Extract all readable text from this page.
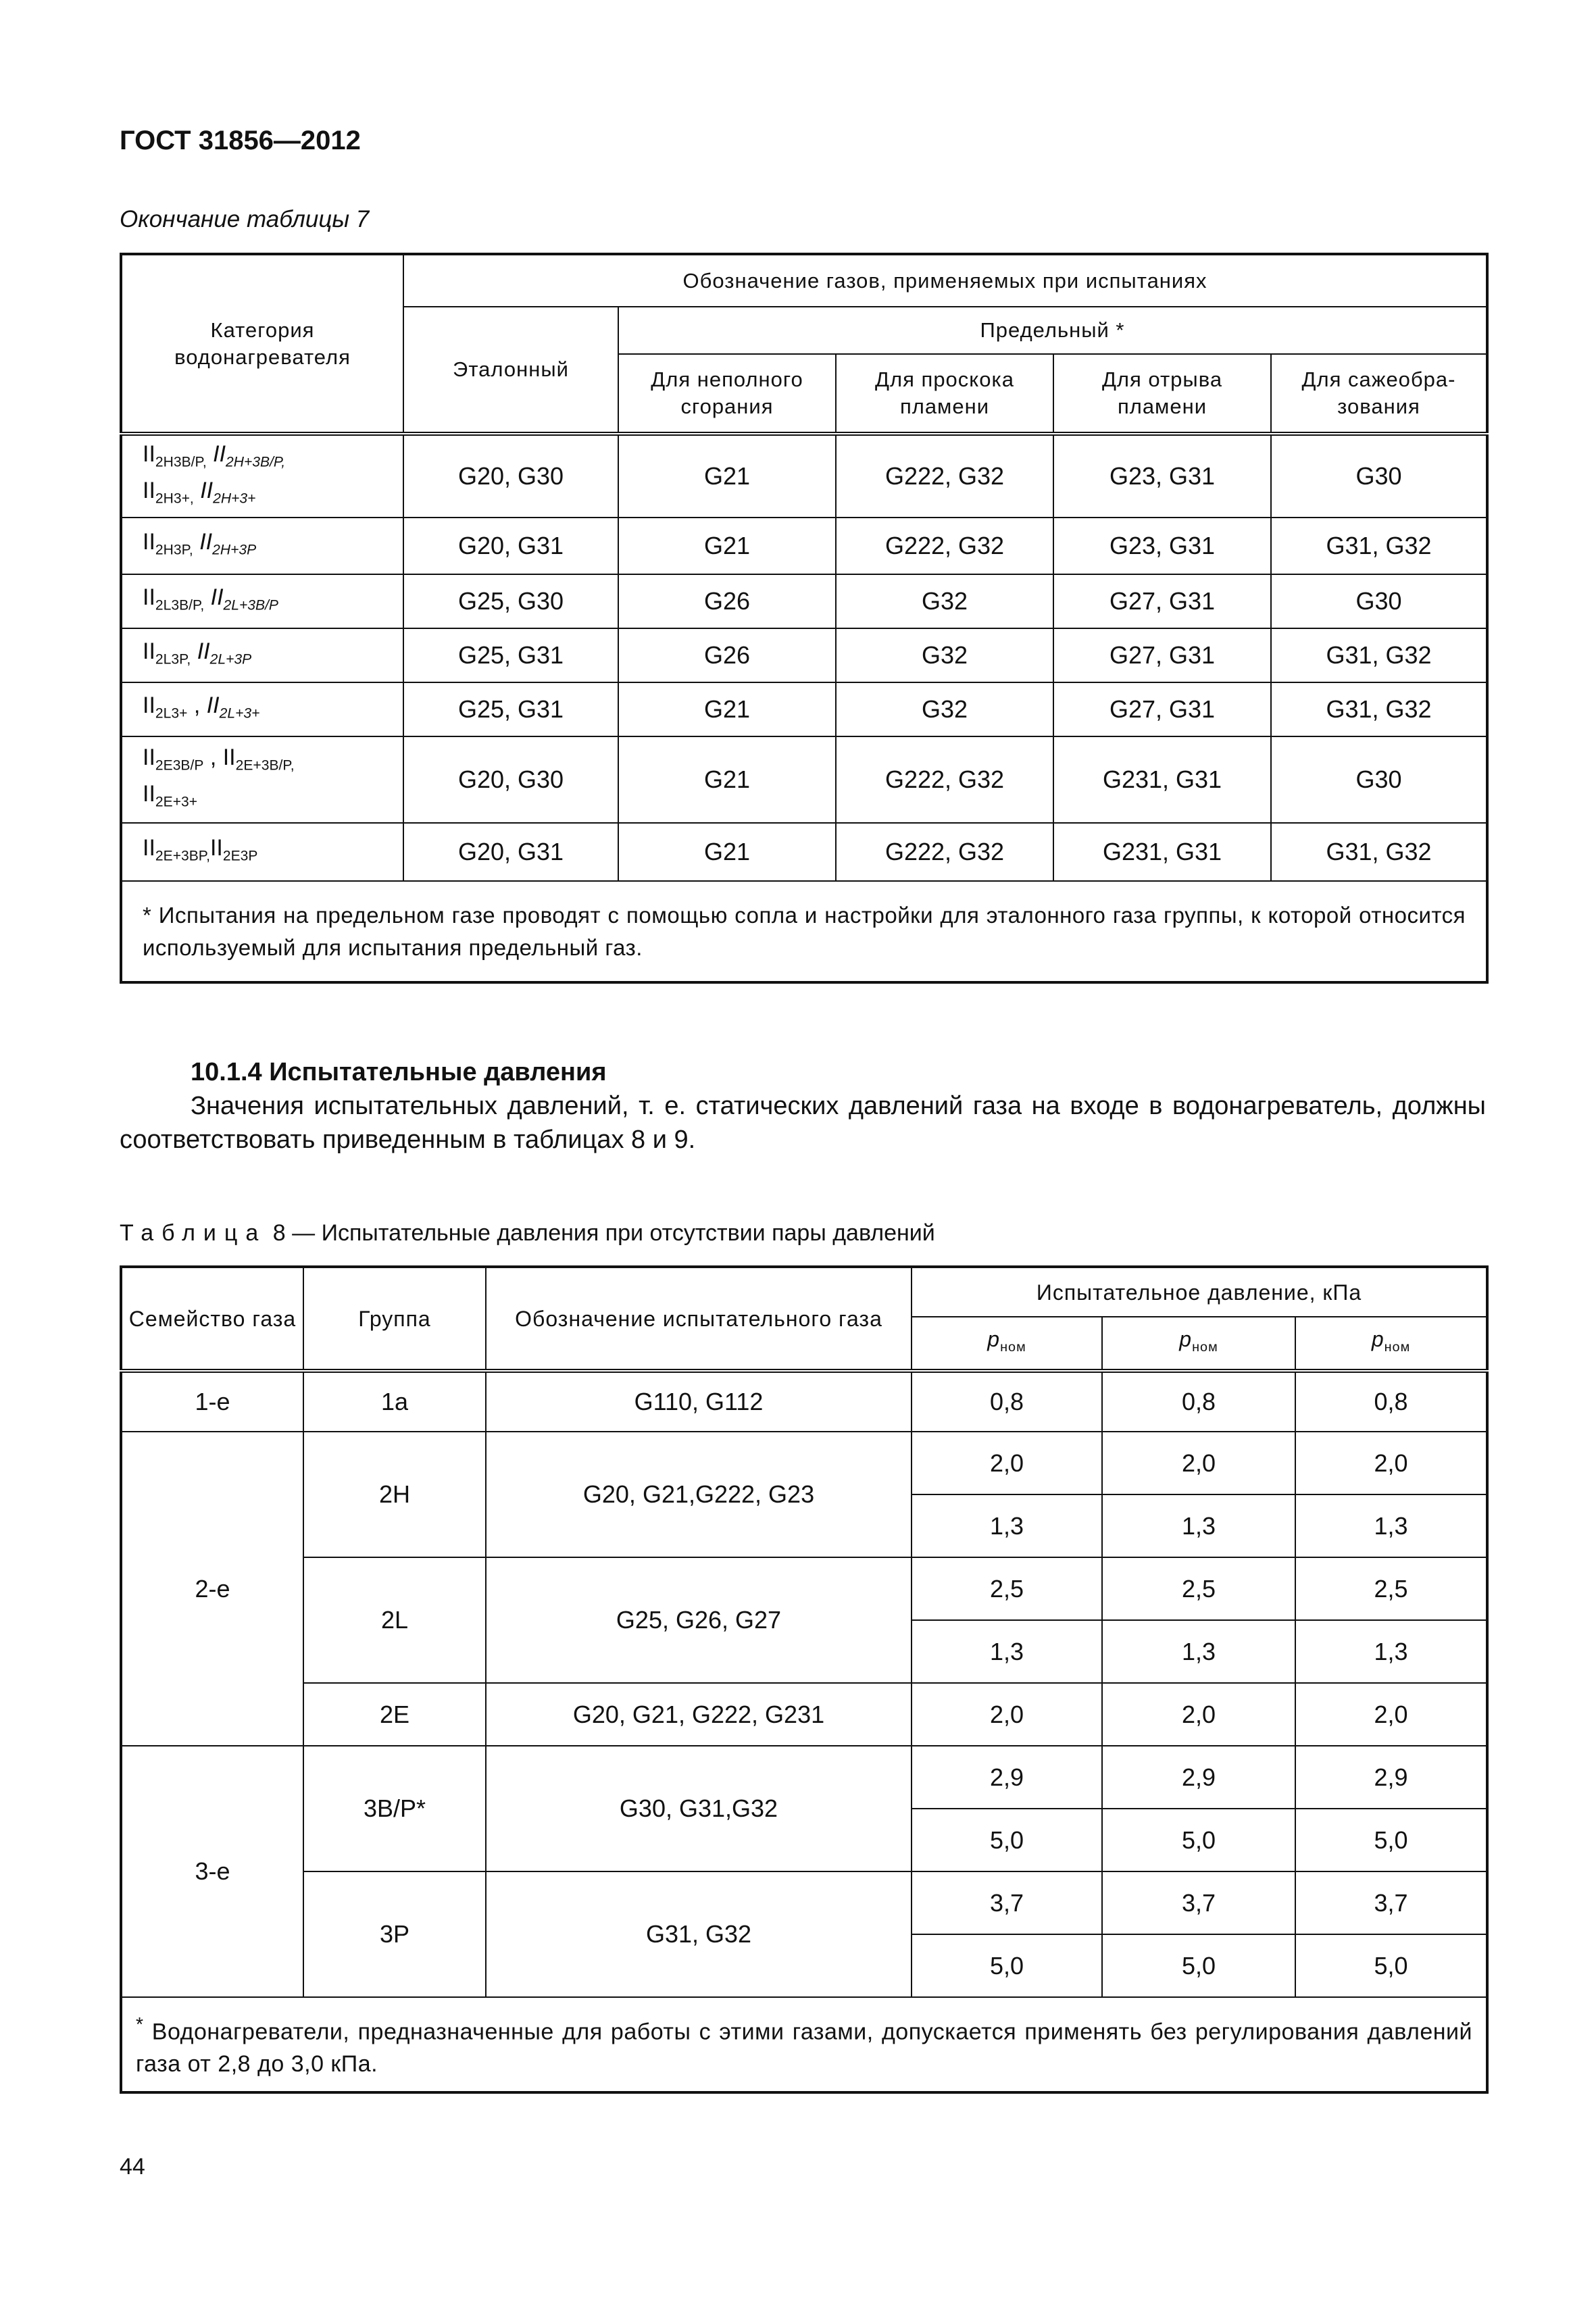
ГОСТ 31856—2012
Окончание таблицы 7
Категория водонагревателя	Обозначение газов, применяемых при испытаниях				
	Эталонный	Предельный *			
		Для неполного сгорания	Для проскока пламени	Для отрыва пламени	Для сажеобра-зования
$II_{2H3B/P,}$ $II_{2H+3B/P,}$
$II_{2H3+,}$ $II_{2H+3+}$	G20, G30	G21	G222, G32	G23, G31	G30
$II_{2H3P,}$ $II_{2H+3P}$	G20, G31	G21	G222, G32	G23, G31	G31, G32
$II_{2L3B/P,}$ $II_{2L+3B/P}$	G25, G30	G26	G32	G27, G31	G30
$II_{2L3P,}$ $II_{2L+3P}$	G25, G31	G26	G32	G27, G31	G31, G32
$II_{2L3+}$ , $II_{2L+3+}$	G25, G31	G21	G32	G27, G31	G31, G32
$II_{2E3B/P}$ , $II_{2E+3B/P,}$
$II_{2E+3+}$	G20, G30	G21	G222, G32	G231, G31	G30
$II_{2E+3BP,}II_{2E3P}$	G20, G31	G21	G222, G32	G231, G31	G31, G32
* Испытания на предельном газе проводят с помощью сопла и настройки для эталонного газа группы, к которой относится используемый для испытания предельный газ.					
10.1.4 Испытательные давления
Значения испытательных давлений, т. е. статических давлений газа на входе в водонагреватель, должны соответствовать приведенным в таблицах 8 и 9.
Таблица 8 — Испытательные давления при отсутствии пары давлений
Семейство газа	Группа	Обозначение испытательного газа	Испытательное давление, кПа		
			$p_{ном}$	$p_{ном}$	$p_{ном}$
1-е	1a	G110, G112	0,8	0,8	0,8
2-е	2H	G20, G21,G222, G23	2,0	2,0	2,0
			1,3	1,3	1,3
	2L	G25, G26, G27	2,5	2,5	2,5
			1,3	1,3	1,3
	2E	G20, G21, G222, G231	2,0	2,0	2,0
3-е	3B/P*	G30, G31,G32	2,9	2,9	2,9
			5,0	5,0	5,0
	3P	G31, G32	3,7	3,7	3,7
			5,0	5,0	5,0
* Водонагреватели, предназначенные для работы с этими газами, допускается применять без регулирования давлений газа от 2,8 до 3,0 кПа.					
44
